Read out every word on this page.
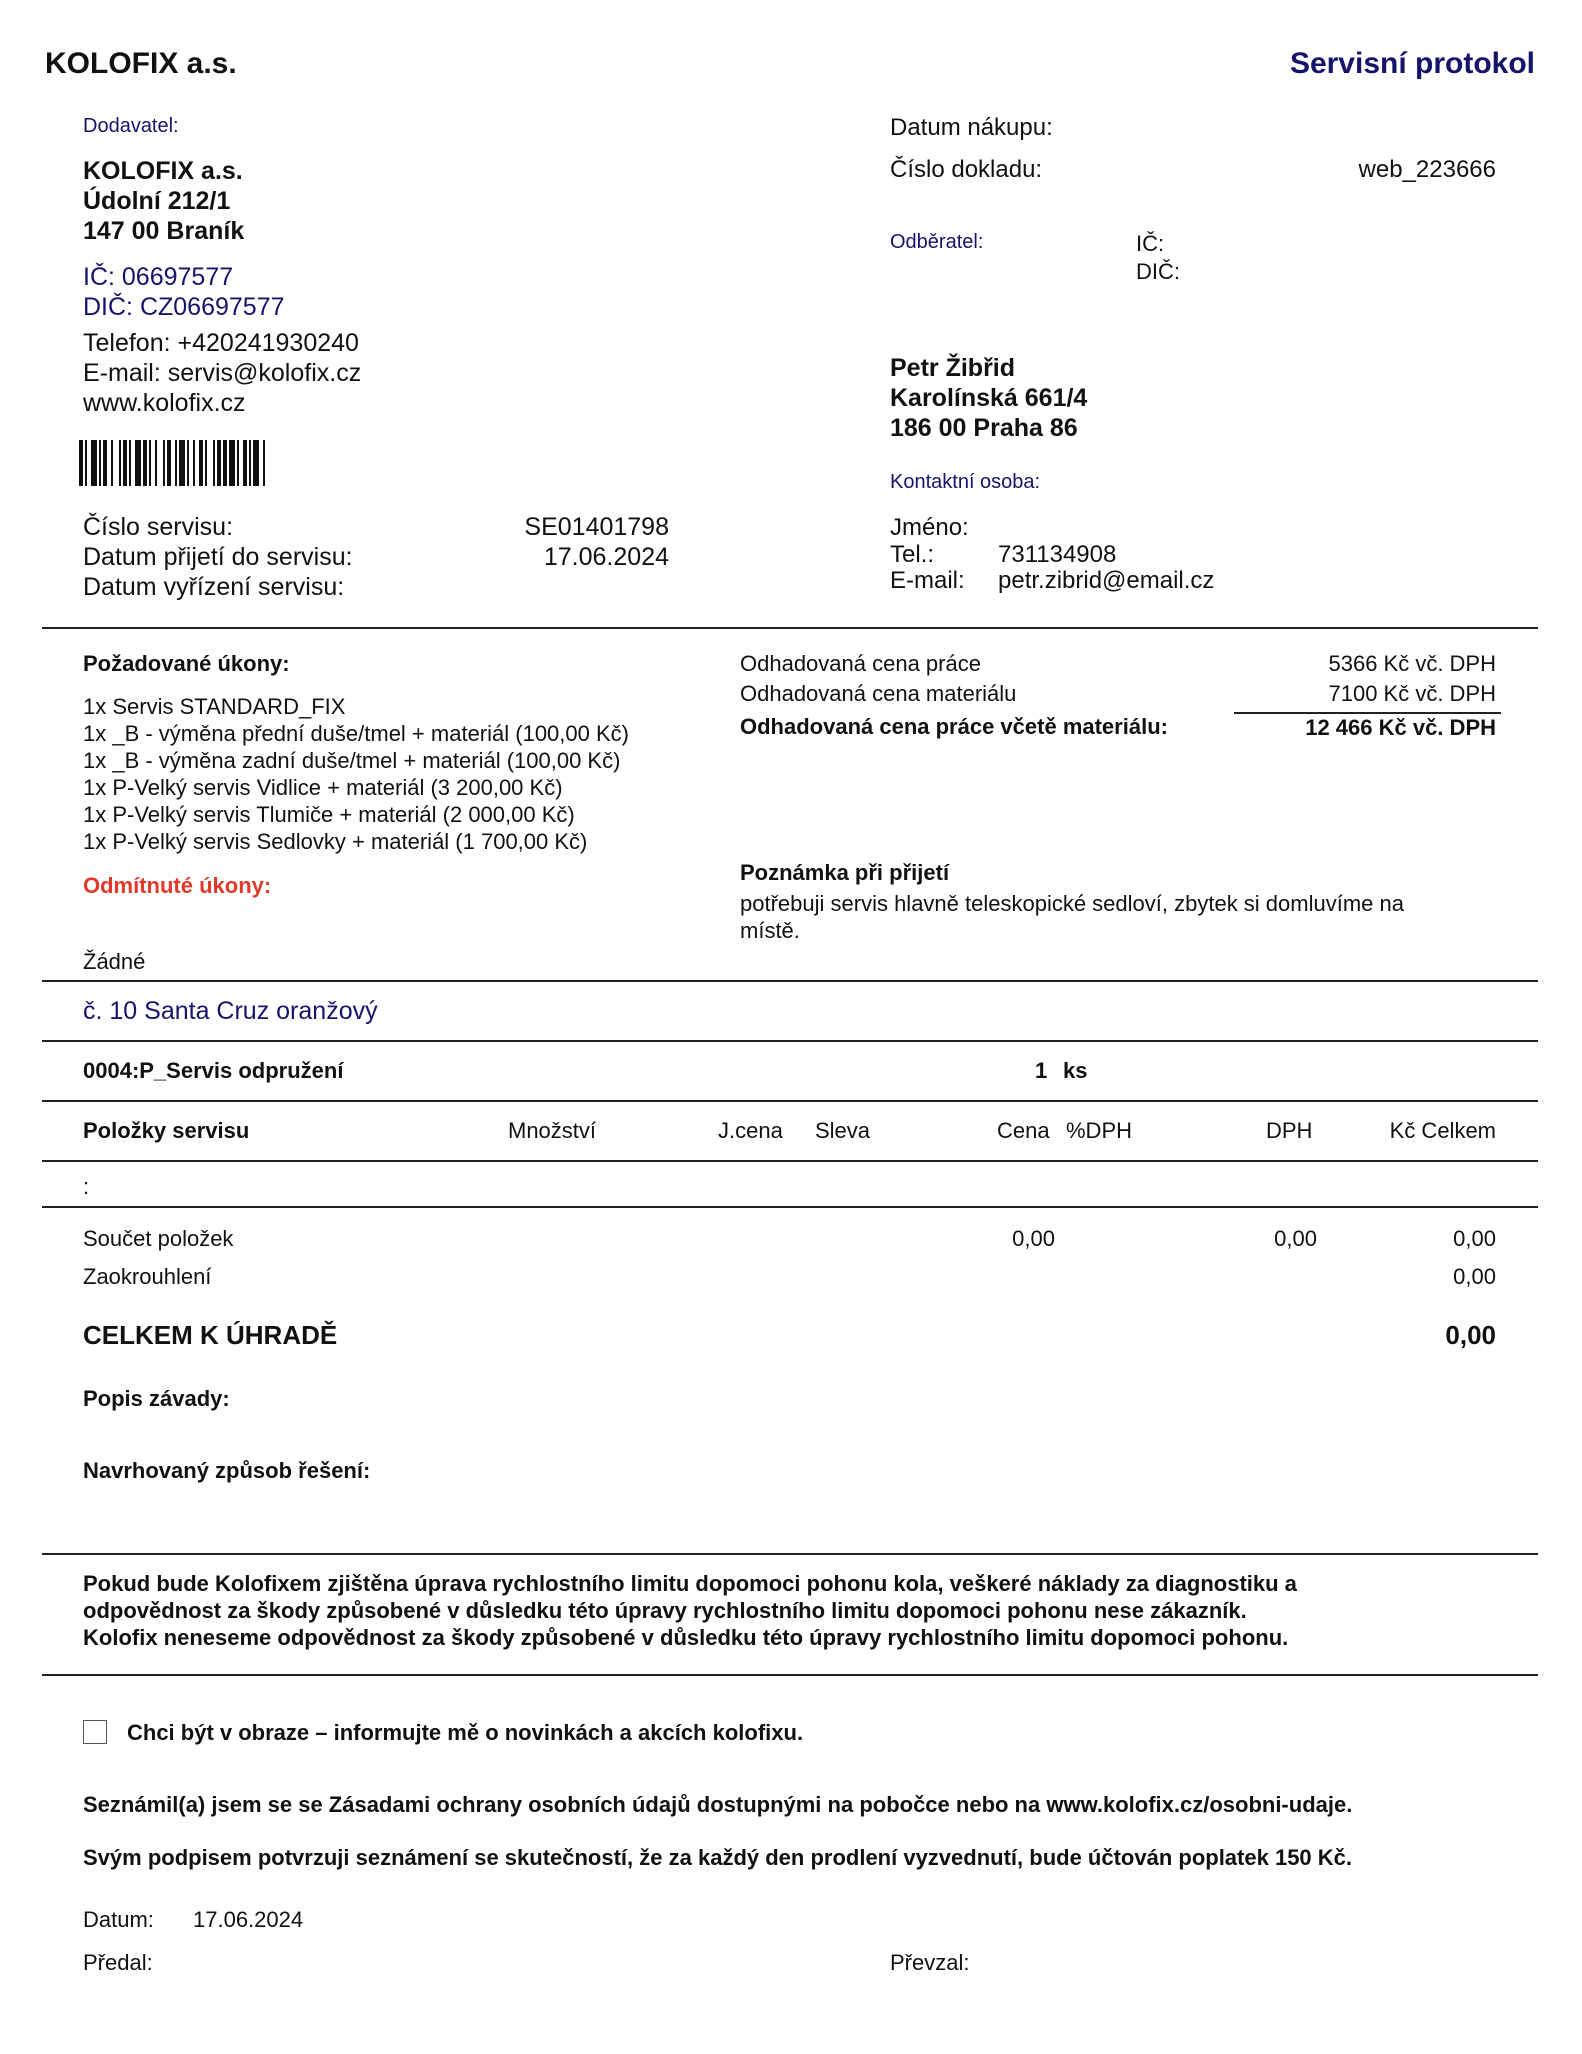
KOLOFIX a.s.	Servisní protokol
Dodavatel:
KOLOFIX a.s.
Údolní 212/1
147 00 Braník
IČ: 06697577
DIČ: CZ06697577
Telefon: +420241930240
E-mail: servis@kolofix.cz
www.kolofix.cz
Číslo servisu:	SE01401798
Datum přijetí do servisu:	17.06.2024
Datum vyřízení servisu:
Datum nákupu:
Číslo dokladu:	web_223666
Odběratel:	IČ:
DIČ:
Petr Žibřid
Karolínská 661/4
186 00 Praha 86
Kontaktní osoba:
Jméno:
Tel.:	731134908
E-mail: petr.zibrid@email.cz
Požadované úkony:
1x Servis STANDARD_FIX
1x _B - výměna přední duše/tmel + materiál (100,00 Kč)
1x _B - výměna zadní duše/tmel + materiál (100,00 Kč)
1x P-Velký servis Vidlice + materiál (3 200,00 Kč)
1x P-Velký servis Tlumiče + materiál (2 000,00 Kč)
1x P-Velký servis Sedlovky + materiál (1 700,00 Kč)
Odmítnuté úkony:
Žádné
Odhadovaná cena práce	5366 Kč vč. DPH
Odhadovaná cena materiálu	7100 Kč vč. DPH
Odhadovaná cena práce včetě materiálu:	12 466 Kč vč. DPH
Poznámka při přijetí
potřebuji servis hlavně teleskopické sedloví, zbytek si domluvíme na
místě.
č. 10 Santa Cruz oranžový
0004:P_Servis odpružení	1 ks
Položky servisu	Množství	J.cena Sleva	Cena %DPH	DPH	Kč Celkem
:
Součet položek	0,00	0,00	0,00
Zaokrouhlení	0,00
CELKEM K ÚHRADĚ	0,00
Popis závady:
Navrhovaný způsob řešení:
Pokud bude Kolofixem zjištěna úprava rychlostního limitu dopomoci pohonu kola, veškeré náklady za diagnostiku a
odpovědnost za škody způsobené v důsledku této úpravy rychlostního limitu dopomoci pohonu nese zákazník.
Kolofix neneseme odpovědnost za škody způsobené v důsledku této úpravy rychlostního limitu dopomoci pohonu.
Chci být v obraze – informujte mě o novinkách a akcích kolofixu.
Seznámil(a) jsem se se Zásadami ochrany osobních údajů dostupnými na pobočce nebo na www.kolofix.cz/osobni-udaje.
Svým podpisem potvrzuji seznámení se skutečností, že za každý den prodlení vyzvednutí, bude účtován poplatek 150 Kč.
Datum: 17.06.2024
Předal:	Převzal:
